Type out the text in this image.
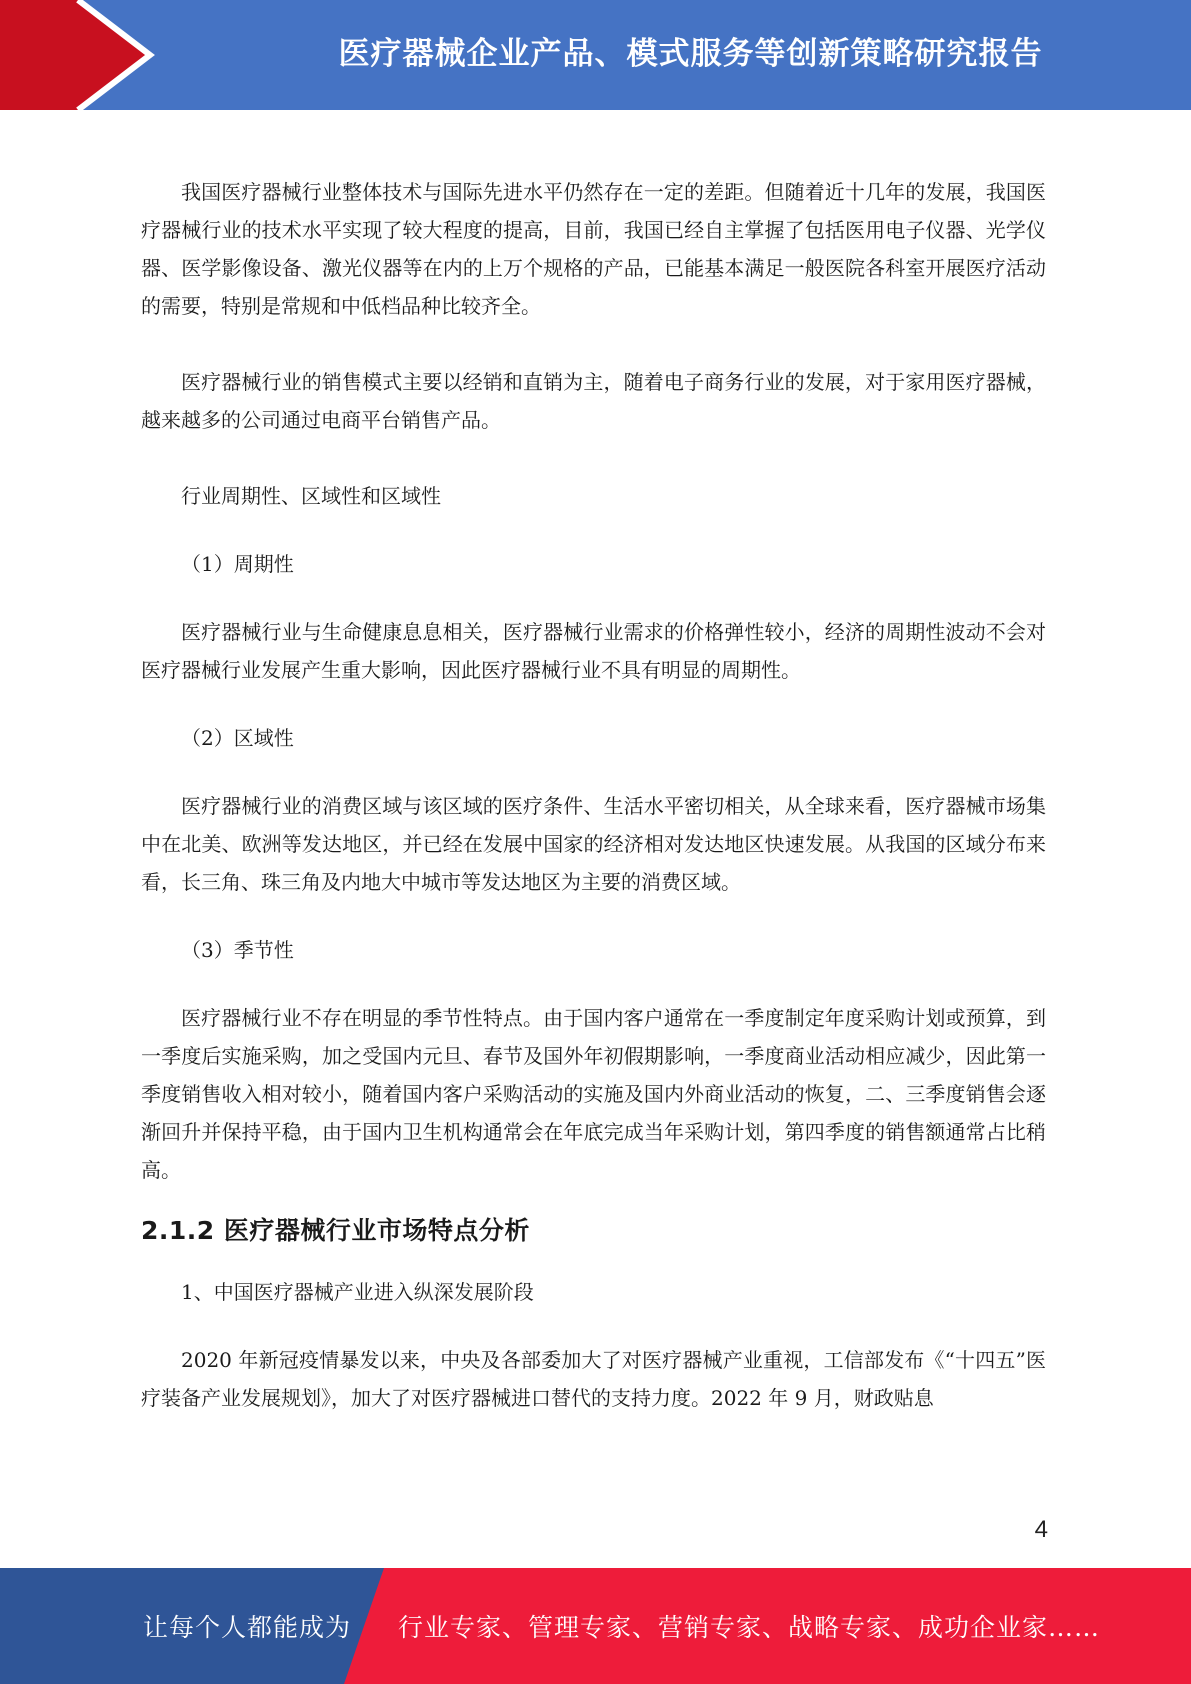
医疗器械企业产品、模式服务等创新策略研究报告

我国医疗器械行业整体技术与国际先进水平仍然存在一定的差距。但随着近十几年的发展，我国医疗器械行业的技术水平实现了较大程度的提高，目前，我国已经自主掌握了包括医用电子仪器、光学仪器、医学影像设备、激光仪器等在内的上万个规格的产品，已能基本满足一般医院各科室开展医疗活动的需要，特别是常规和中低档品种比较齐全。

医疗器械行业的销售模式主要以经销和直销为主，随着电子商务行业的发展，对于家用医疗器械，越来越多的公司通过电商平台销售产品。

行业周期性、区域性和区域性

（1）周期性

医疗器械行业与生命健康息息相关，医疗器械行业需求的价格弹性较小，经济的周期性波动不会对医疗器械行业发展产生重大影响，因此医疗器械行业不具有明显的周期性。

（2）区域性

医疗器械行业的消费区域与该区域的医疗条件、生活水平密切相关，从全球来看，医疗器械市场集中在北美、欧洲等发达地区，并已经在发展中国家的经济相对发达地区快速发展。从我国的区域分布来看，长三角、珠三角及内地大中城市等发达地区为主要的消费区域。

（3）季节性

医疗器械行业不存在明显的季节性特点。由于国内客户通常在一季度制定年度采购计划或预算，到一季度后实施采购，加之受国内元旦、春节及国外年初假期影响，一季度商业活动相应减少，因此第一季度销售收入相对较小，随着国内客户采购活动的实施及国内外商业活动的恢复，二、三季度销售会逐渐回升并保持平稳，由于国内卫生机构通常会在年底完成当年采购计划，第四季度的销售额通常占比稍高。

2.1.2 医疗器械行业市场特点分析

1、中国医疗器械产业进入纵深发展阶段

2020 年新冠疫情暴发以来，中央及各部委加大了对医疗器械产业重视，工信部发布《“十四五”医疗装备产业发展规划》，加大了对医疗器械进口替代的支持力度。2022 年 9 月，财政贴息

4
让每个人都能成为 行业专家、管理专家、营销专家、战略专家、成功企业家……
